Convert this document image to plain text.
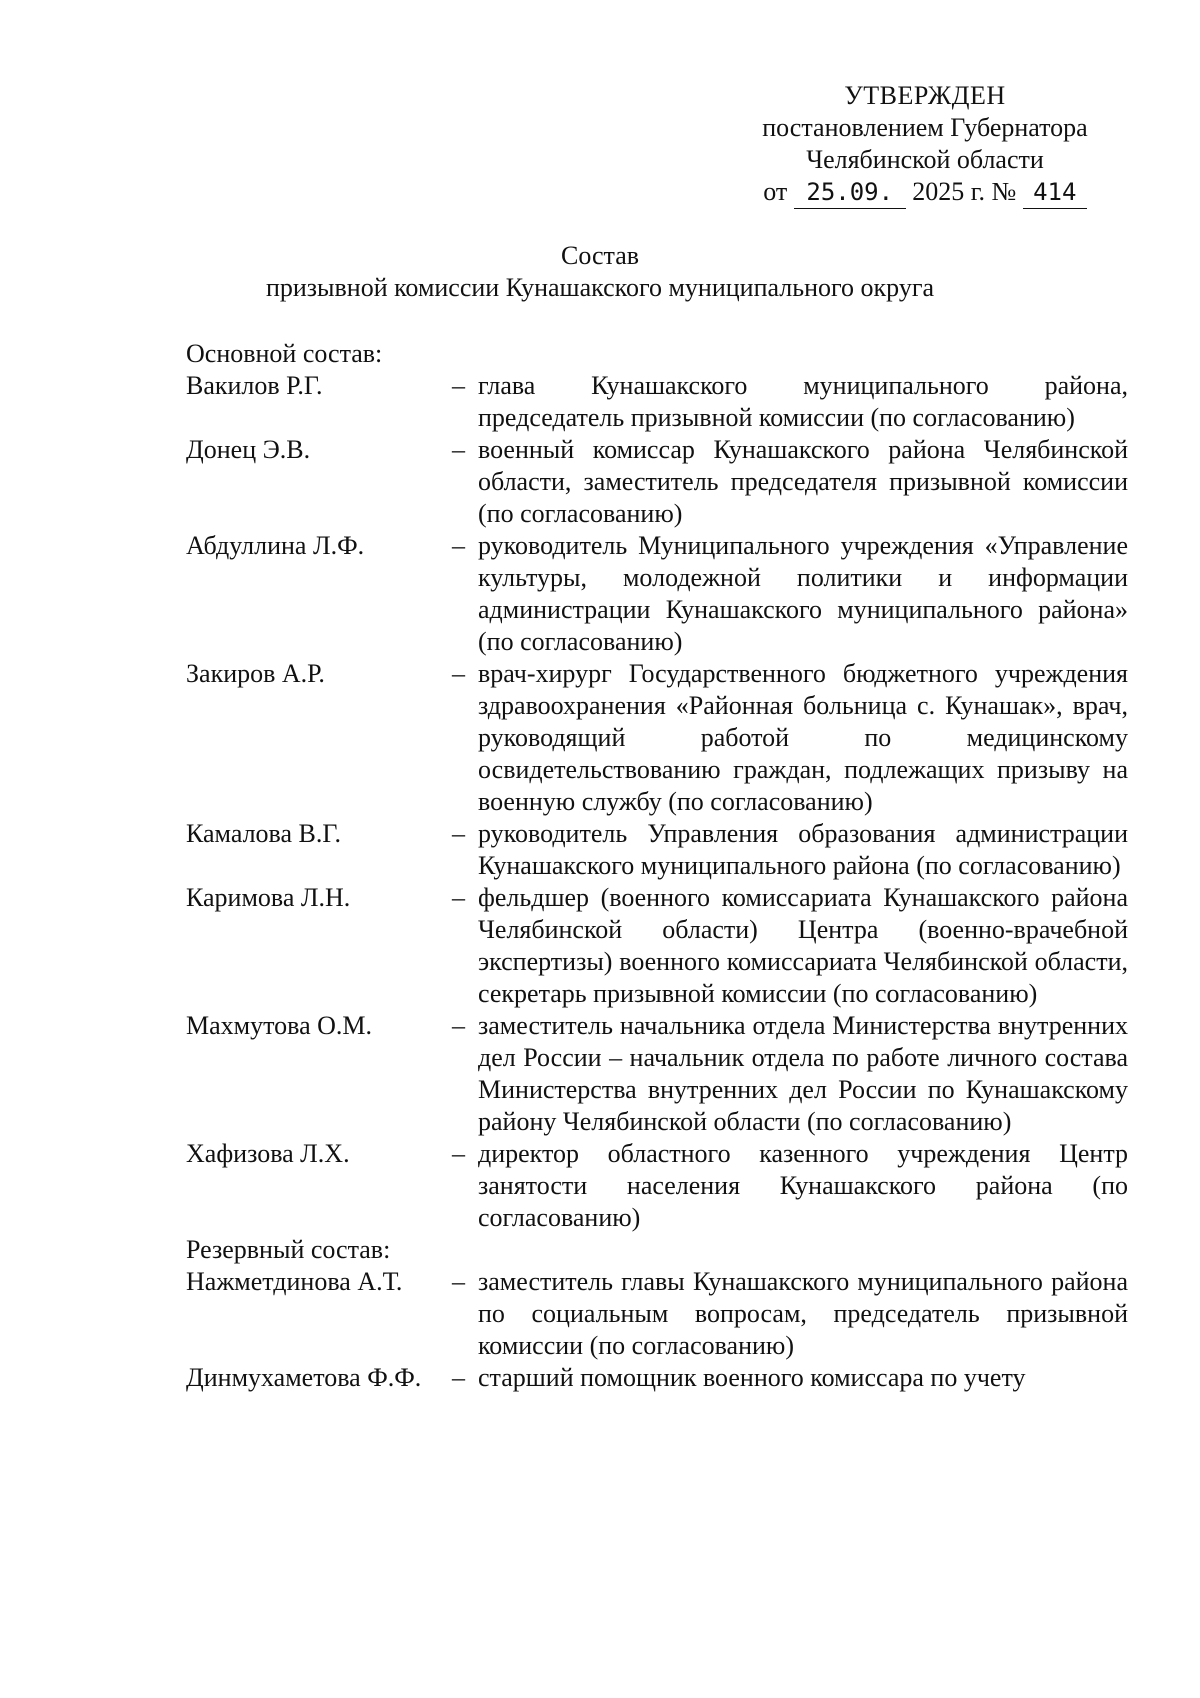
УТВЕРЖДЕН
постановлением Губернатора
Челябинской области
от 25.09. 2025 г. № 414
Состав
призывной комиссии Кунашакского муниципального округа
Основной состав:
Вакилов Р.Г.	– глава Кунашакского муниципального района, председатель призывной комиссии (по согласованию)
Донец Э.В.	– военный комиссар Кунашакского района Челябинской области, заместитель председателя призывной комиссии (по согласованию)
Абдуллина Л.Ф.	– руководитель Муниципального учреждения «Управление культуры, молодежной политики и информации администрации Кунашакского муниципального района» (по согласованию)
Закиров А.Р.	– врач-хирург Государственного бюджетного учреждения здравоохранения «Районная больница с. Кунашак», врач, руководящий работой по медицинскому освидетельствованию граждан, подлежащих призыву на военную службу (по согласованию)
Камалова В.Г.	– руководитель Управления образования администрации Кунашакского муниципального района (по согласованию)
Каримова Л.Н.	– фельдшер (военного комиссариата Кунашакского района Челябинской области) Центра (военно-врачебной экспертизы) военного комиссариата Челябинской области, секретарь призывной комиссии (по согласованию)
Махмутова О.М.	– заместитель начальника отдела Министерства внутренних дел России – начальник отдела по работе личного состава Министерства внутренних дел России по Кунашакскому району Челябинской области (по согласованию)
Хафизова Л.Х.	– директор областного казенного учреждения Центр занятости населения Кунашакского района (по согласованию)
Резервный состав:
Нажметдинова А.Т.	– заместитель главы Кунашакского муниципального района по социальным вопросам, председатель призывной комиссии (по согласованию)
Динмухаметова Ф.Ф.	– старший помощник военного комиссара по учету
